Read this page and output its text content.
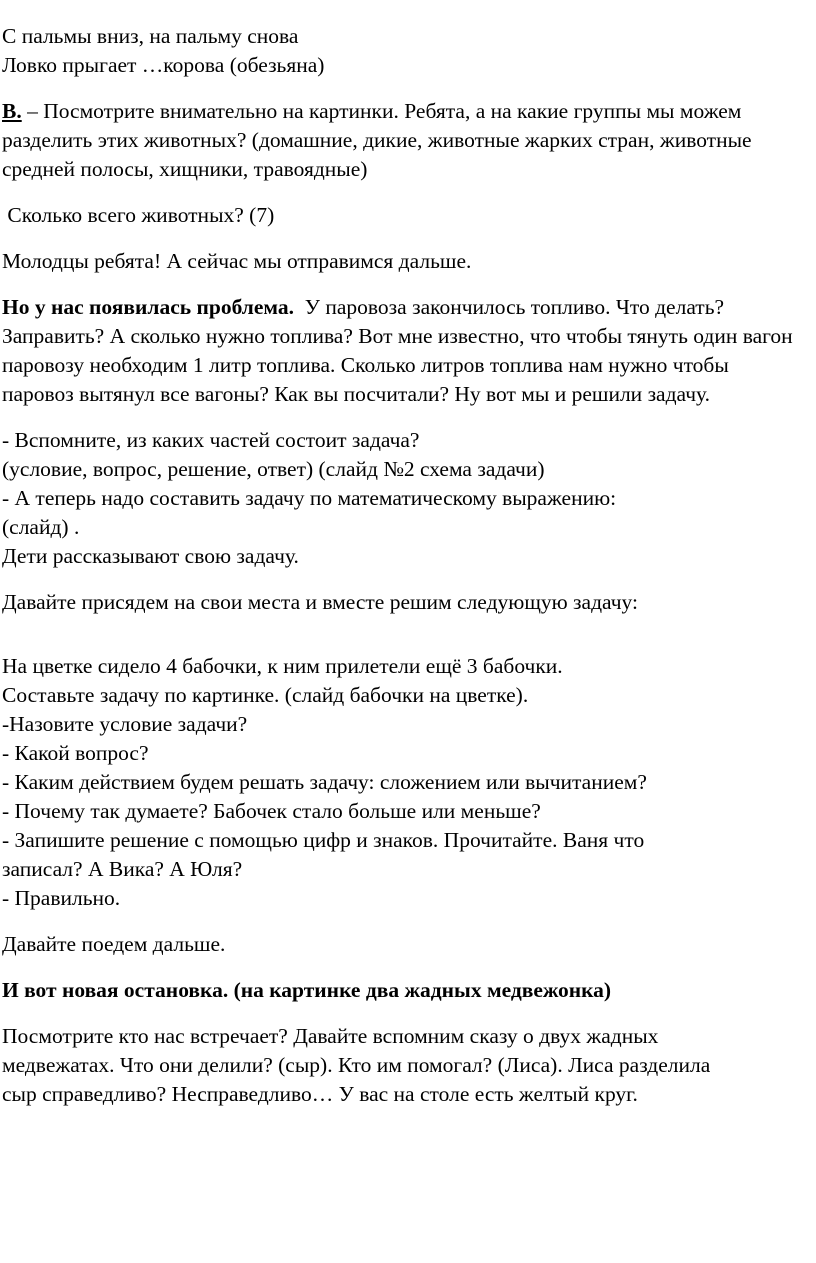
С пальмы вниз, на пальму снова
Ловко прыгает …корова (обезьяна)
В. – Посмотрите внимательно на картинки. Ребята, а на какие группы мы можем разделить этих животных? (домашние, дикие, животные жарких стран, животные средней полосы, хищники, травоядные)
Сколько всего животных? (7)
Молодцы ребята! А сейчас мы отправимся дальше.
Но у нас появилась проблема.  У паровоза закончилось топливо. Что делать? Заправить? А сколько нужно топлива? Вот мне известно, что чтобы тянуть один вагон паровозу необходим 1 литр топлива. Сколько литров топлива нам нужно чтобы паровоз вытянул все вагоны? Как вы посчитали? Ну вот мы и решили задачу.
- Вспомните, из каких частей состоит задача?
(условие, вопрос, решение, ответ) (слайд №2 схема задачи)
- А теперь надо составить задачу по математическому выражению:
(слайд) .
Дети рассказывают свою задачу.
Давайте присядем на свои места и вместе решим следующую задачу:
На цветке сидело 4 бабочки, к ним прилетели ещё 3 бабочки.
Составьте задачу по картинке. (слайд бабочки на цветке).
-Назовите условие задачи?
- Какой вопрос?
- Каким действием будем решать задачу: сложением или вычитанием?
- Почему так думаете? Бабочек стало больше или меньше?
- Запишите решение с помощью цифр и знаков. Прочитайте. Ваня что
записал? А Вика? А Юля?
- Правильно.
Давайте поедем дальше.
И вот новая остановка. (на картинке два жадных медвежонка)
Посмотрите кто нас встречает? Давайте вспомним сказу о двух жадных
медвежатах. Что они делили? (сыр). Кто им помогал? (Лиса). Лиса разделила
сыр справедливо? Несправедливо… У вас на столе есть желтый круг.
